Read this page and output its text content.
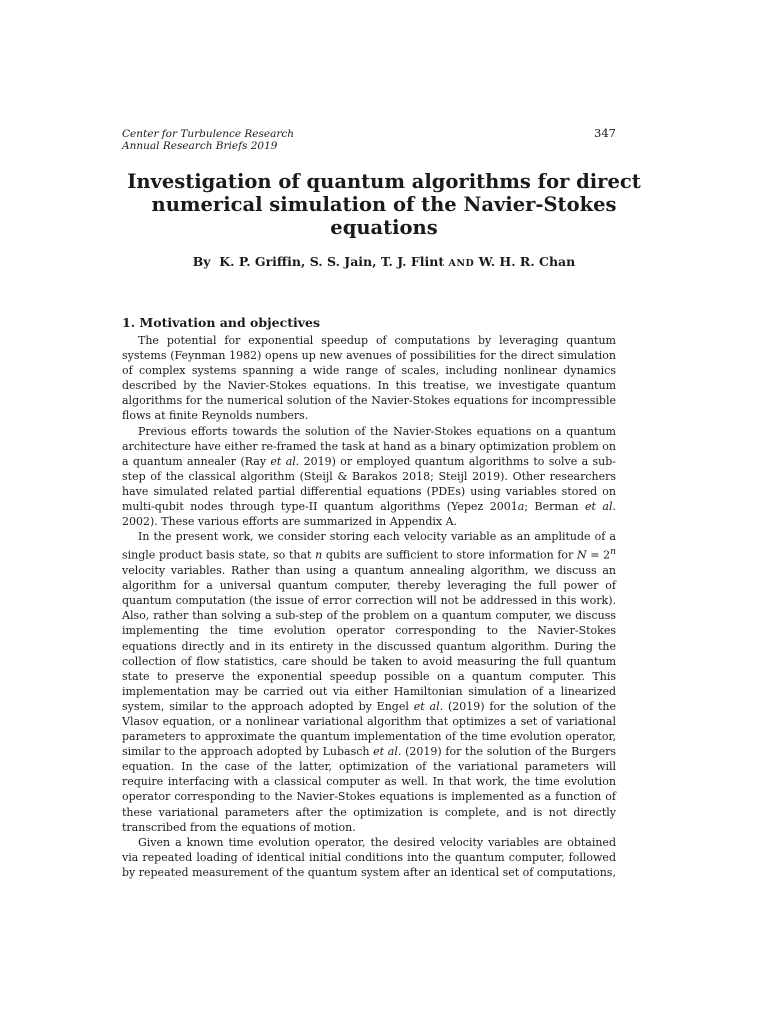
Center for Turbulence Research
Annual Research Briefs 2019
347
Investigation of quantum algorithms for direct numerical simulation of the Navier-Stokes equations
By K. P. Griffin, S. S. Jain, T. J. Flint AND W. H. R. Chan
1. Motivation and objectives

The potential for exponential speedup of computations by leveraging quantum systems (Feynman 1982) opens up new avenues of possibilities for the direct simulation of complex systems spanning a wide range of scales, including nonlinear dynamics described by the Navier-Stokes equations. In this treatise, we investigate quantum algorithms for the numerical solution of the Navier-Stokes equations for incompressible flows at finite Reynolds numbers.

Previous efforts towards the solution of the Navier-Stokes equations on a quantum architecture have either re-framed the task at hand as a binary optimization problem on a quantum annealer (Ray et al. 2019) or employed quantum algorithms to solve a sub-step of the classical algorithm (Steijl & Barakos 2018; Steijl 2019). Other researchers have simulated related partial differential equations (PDEs) using variables stored on multi-qubit nodes through type-II quantum algorithms (Yepez 2001a; Berman et al. 2002). These various efforts are summarized in Appendix A.

In the present work, we consider storing each velocity variable as an amplitude of a single product basis state, so that n qubits are sufficient to store information for $N = 2^n$ velocity variables. Rather than using a quantum annealing algorithm, we discuss an algorithm for a universal quantum computer, thereby leveraging the full power of quantum computation (the issue of error correction will not be addressed in this work). Also, rather than solving a sub-step of the problem on a quantum computer, we discuss implementing the time evolution operator corresponding to the Navier-Stokes equations directly and in its entirety in the discussed quantum algorithm. During the collection of flow statistics, care should be taken to avoid measuring the full quantum state to preserve the exponential speedup possible on a quantum computer. This implementation may be carried out via either Hamiltonian simulation of a linearized system, similar to the approach adopted by Engel et al. (2019) for the solution of the Vlasov equation, or a nonlinear variational algorithm that optimizes a set of variational parameters to approximate the quantum implementation of the time evolution operator, similar to the approach adopted by Lubasch et al. (2019) for the solution of the Burgers equation. In the case of the latter, optimization of the variational parameters will require interfacing with a classical computer as well. In that work, the time evolution operator corresponding to the Navier-Stokes equations is implemented as a function of these variational parameters after the optimization is complete, and is not directly transcribed from the equations of motion.

Given a known time evolution operator, the desired velocity variables are obtained via repeated loading of identical initial conditions into the quantum computer, followed by repeated measurement of the quantum system after an identical set of computations,
